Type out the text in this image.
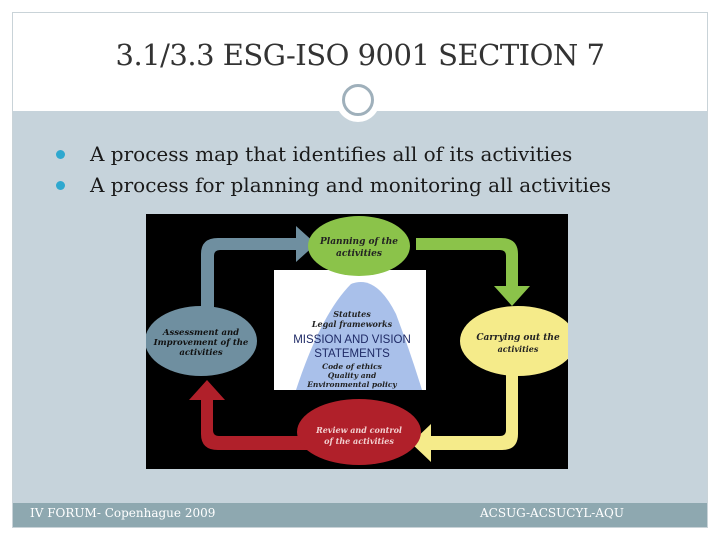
3.1/3.3 ESG-ISO 9001 SECTION 7
A process map that identifies all of its activities
A process for planning and monitoring all activities
Planning of the
activities
Carrying out the
activities
Review and control
of the activities
Assessment and
Improvement of the
activities
Statutes
Legal frameworks
MISSION AND VISION
STATEMENTS
Code of ethics
Quality and
Environmental policy
IV FORUM- Copenhague 2009	ACSUG-ACSUCYL-AQU
